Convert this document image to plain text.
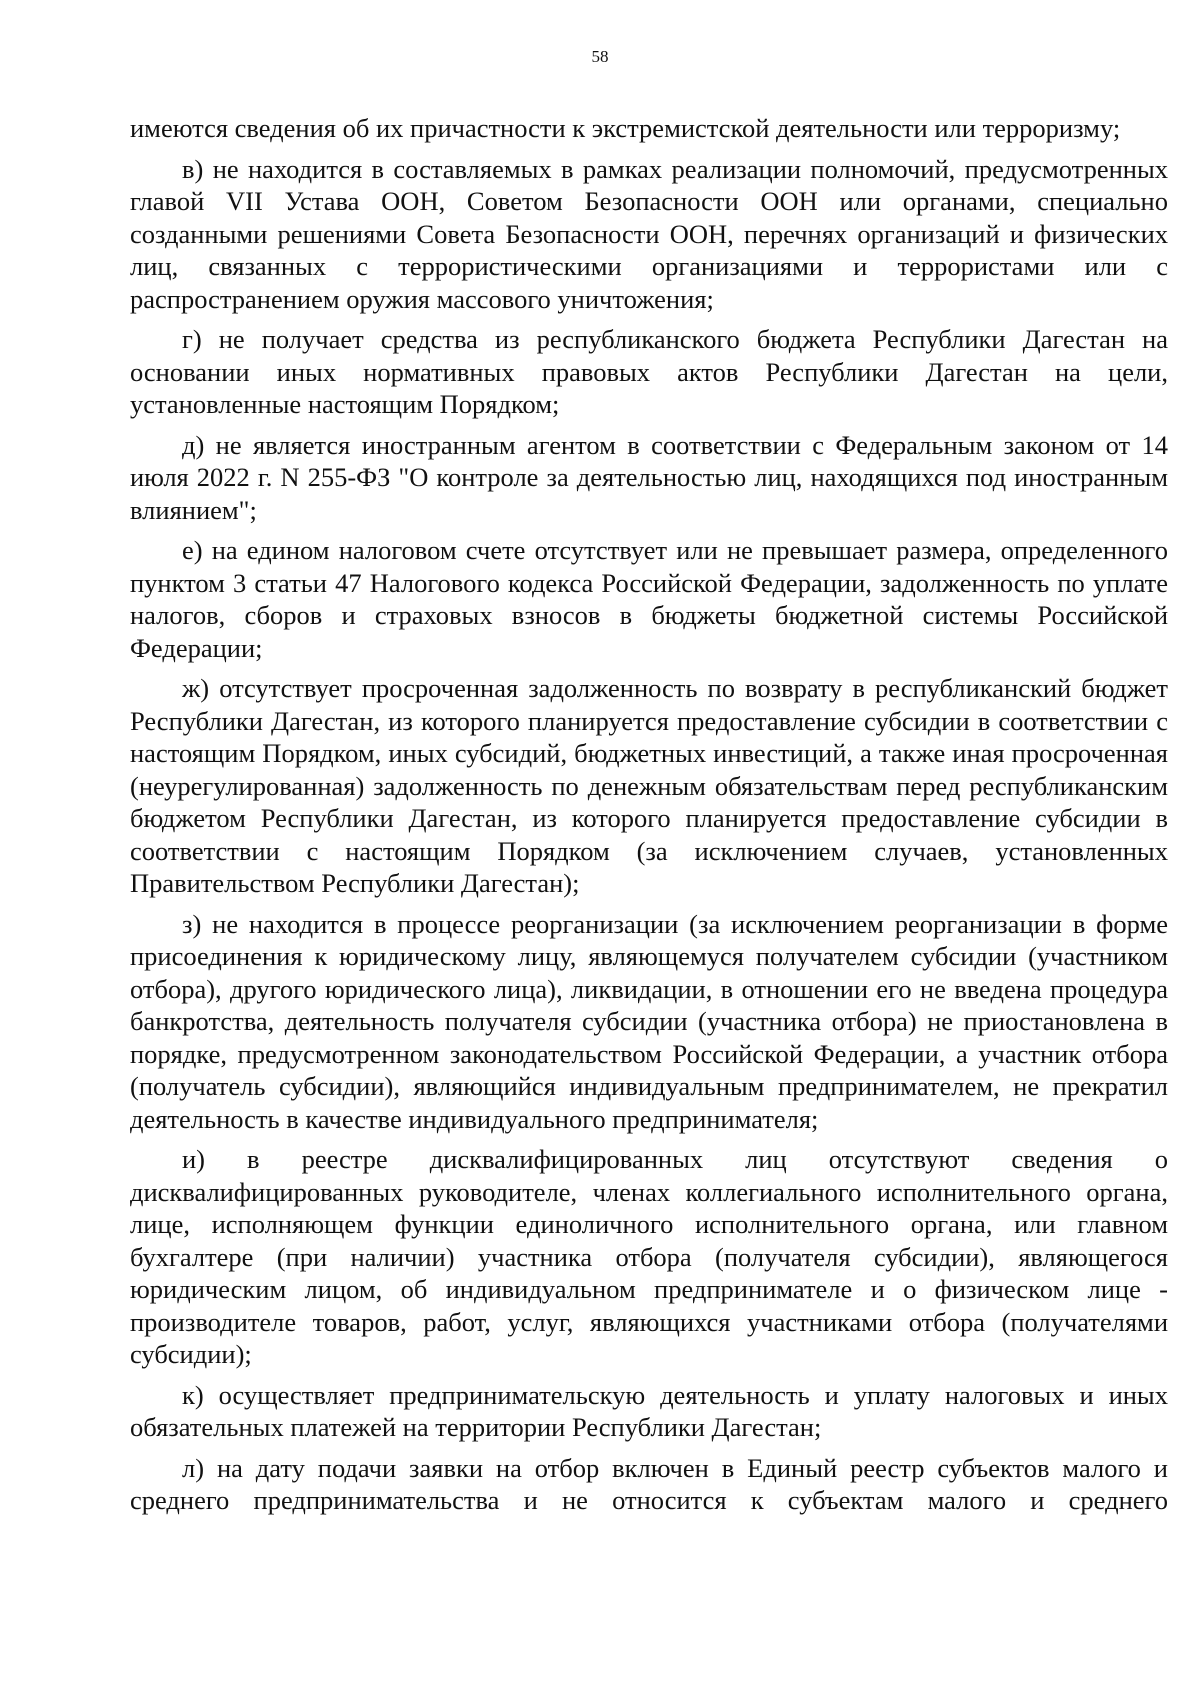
58

имеются сведения об их причастности к экстремистской деятельности или терроризму;

в) не находится в составляемых в рамках реализации полномочий, предусмотренных главой VII Устава ООН, Советом Безопасности ООН или органами, специально созданными решениями Совета Безопасности ООН, перечнях организаций и физических лиц, связанных с террористическими организациями и террористами или с распространением оружия массового уничтожения;

г) не получает средства из республиканского бюджета Республики Дагестан на основании иных нормативных правовых актов Республики Дагестан на цели, установленные настоящим Порядком;

д) не является иностранным агентом в соответствии с Федеральным законом от 14 июля 2022 г. N 255-ФЗ "О контроле за деятельностью лиц, находящихся под иностранным влиянием";

е) на едином налоговом счете отсутствует или не превышает размера, определенного пунктом 3 статьи 47 Налогового кодекса Российской Федерации, задолженность по уплате налогов, сборов и страховых взносов в бюджеты бюджетной системы Российской Федерации;

ж) отсутствует просроченная задолженность по возврату в республиканский бюджет Республики Дагестан, из которого планируется предоставление субсидии в соответствии с настоящим Порядком, иных субсидий, бюджетных инвестиций, а также иная просроченная (неурегулированная) задолженность по денежным обязательствам перед республиканским бюджетом Республики Дагестан, из которого планируется предоставление субсидии в соответствии с настоящим Порядком (за исключением случаев, установленных Правительством Республики Дагестан);

з) не находится в процессе реорганизации (за исключением реорганизации в форме присоединения к юридическому лицу, являющемуся получателем субсидии (участником отбора), другого юридического лица), ликвидации, в отношении его не введена процедура банкротства, деятельность получателя субсидии (участника отбора) не приостановлена в порядке, предусмотренном законодательством Российской Федерации, а участник отбора (получатель субсидии), являющийся индивидуальным предпринимателем, не прекратил деятельность в качестве индивидуального предпринимателя;

и) в реестре дисквалифицированных лиц отсутствуют сведения о дисквалифицированных руководителе, членах коллегиального исполнительного органа, лице, исполняющем функции единоличного исполнительного органа, или главном бухгалтере (при наличии) участника отбора (получателя субсидии), являющегося юридическим лицом, об индивидуальном предпринимателе и о физическом лице - производителе товаров, работ, услуг, являющихся участниками отбора (получателями субсидии);

к) осуществляет предпринимательскую деятельность и уплату налоговых и иных обязательных платежей на территории Республики Дагестан;

л) на дату подачи заявки на отбор включен в Единый реестр субъектов малого и среднего предпринимательства и не относится к субъектам малого и среднего
